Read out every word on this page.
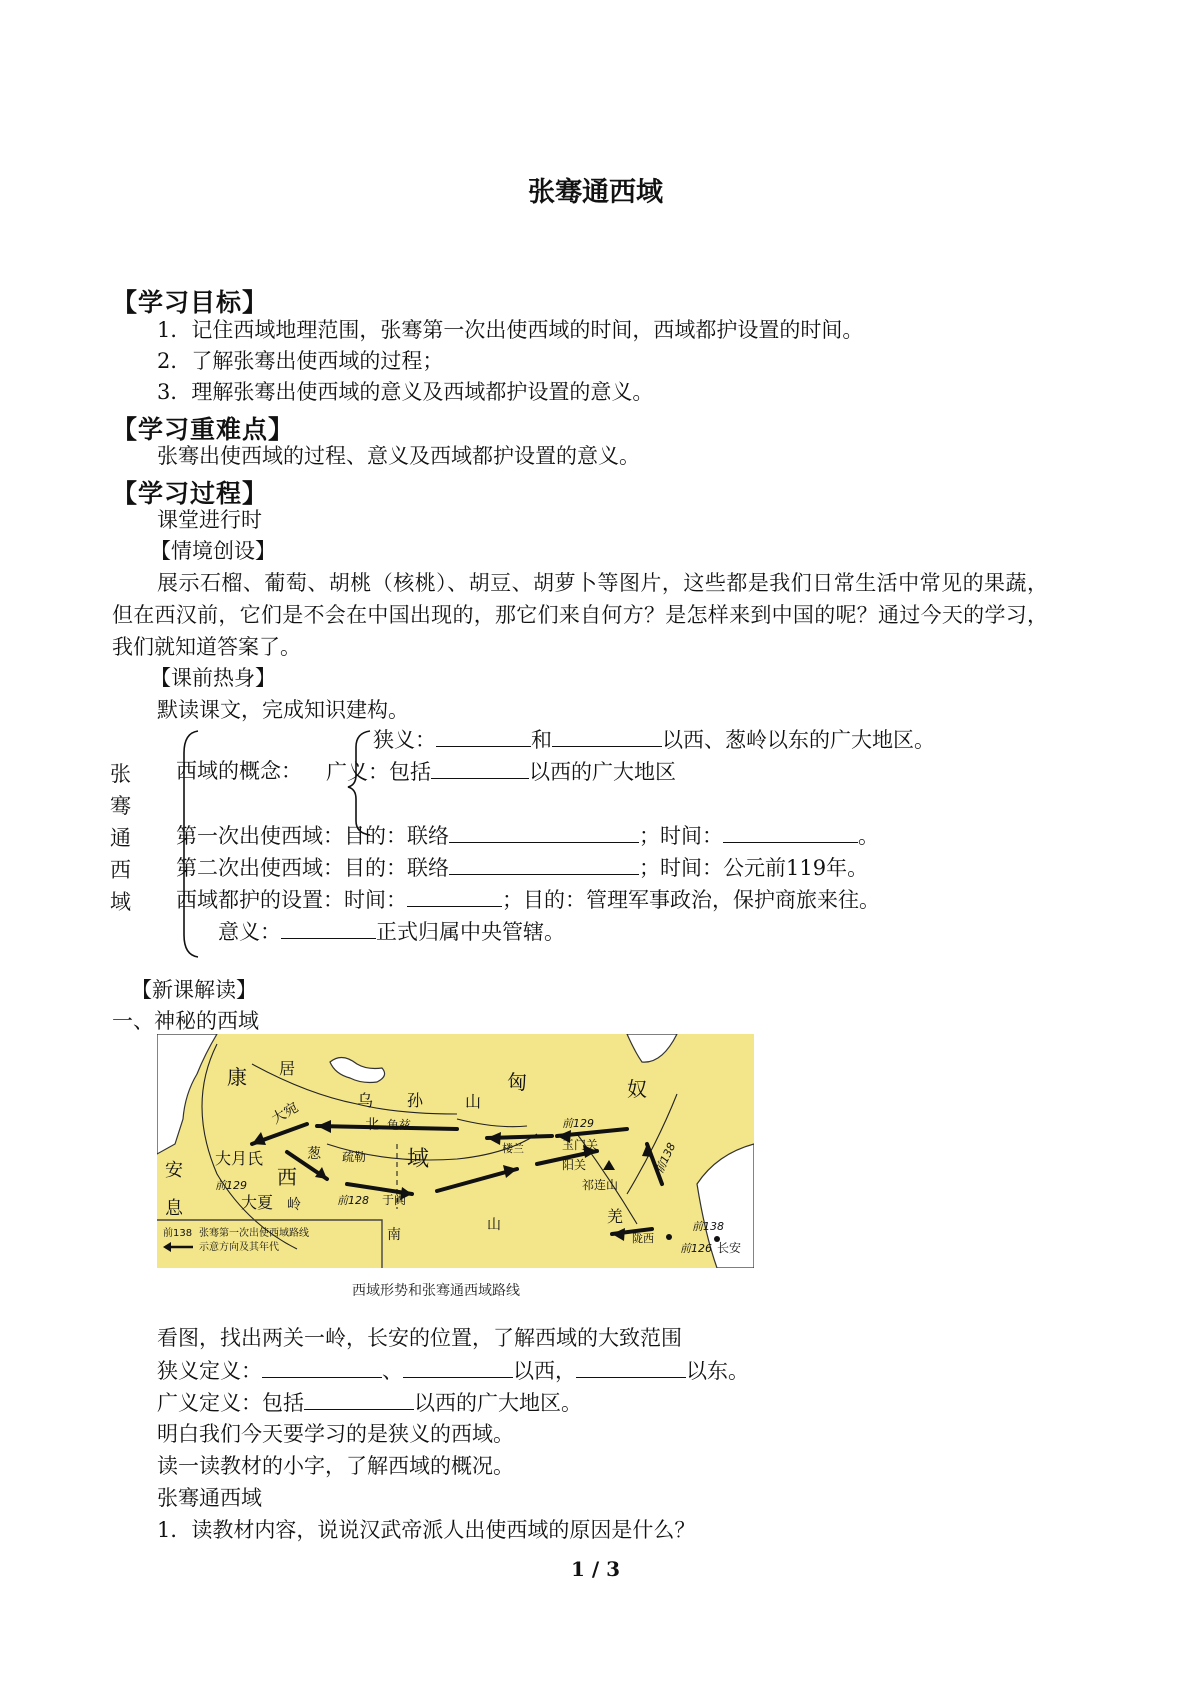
张骞通西域
【学习目标】
1．记住西域地理范围，张骞第一次出使西域的时间，西域都护设置的时间。
2．了解张骞出使西域的过程；
3．理解张骞出使西域的意义及西域都护设置的意义。
【学习重难点】
张骞出使西域的过程、意义及西域都护设置的意义。
【学习过程】
课堂进行时
【情境创设】
展示石榴、葡萄、胡桃（核桃）、胡豆、胡萝卜等图片，这些都是我们日常生活中常见的果蔬，但在西汉前，它们是不会在中国出现的，那它们来自何方？是怎样来到中国的呢？通过今天的学习，我们就知道答案了。
【课前热身】
默读课文，完成知识建构。
张
骞
通
西
域
狭义：	和	以西、葱岭以东的广大地区。
西域的概念： 广义：包括	以西的广大地区
第一次出使西域：目的：联络	；时间：	。
第二次出使西域：目的：联络	；时间：公元前119年。
西域都护的设置：时间：	；目的：管理军事政治，保护商旅来往。
意义：	正式归属中央管辖。
【新课解读】
一、神秘的西域
康 居
匈	奴
乌 孙	山
北 龟兹
大宛
大月氏
安
息	大夏
葱
岭
西
域
疏勒
于阗
南
山
楼兰	玉门关
阳关
祁连山
羌
陇西
长安
前129
前129
前128
前138
前138
前126
前138 张骞第一次出使西域路线
示意方向及其年代
西域形势和张骞通西域路线
看图，找出两关一岭，长安的位置，了解西域的大致范围
狭义定义：	、	以西，	以东。
广义定义：包括	以西的广大地区。
明白我们今天要学习的是狭义的西域。
读一读教材的小字，了解西域的概况。
张骞通西域
1．读教材内容，说说汉武帝派人出使西域的原因是什么？
1 / 3
